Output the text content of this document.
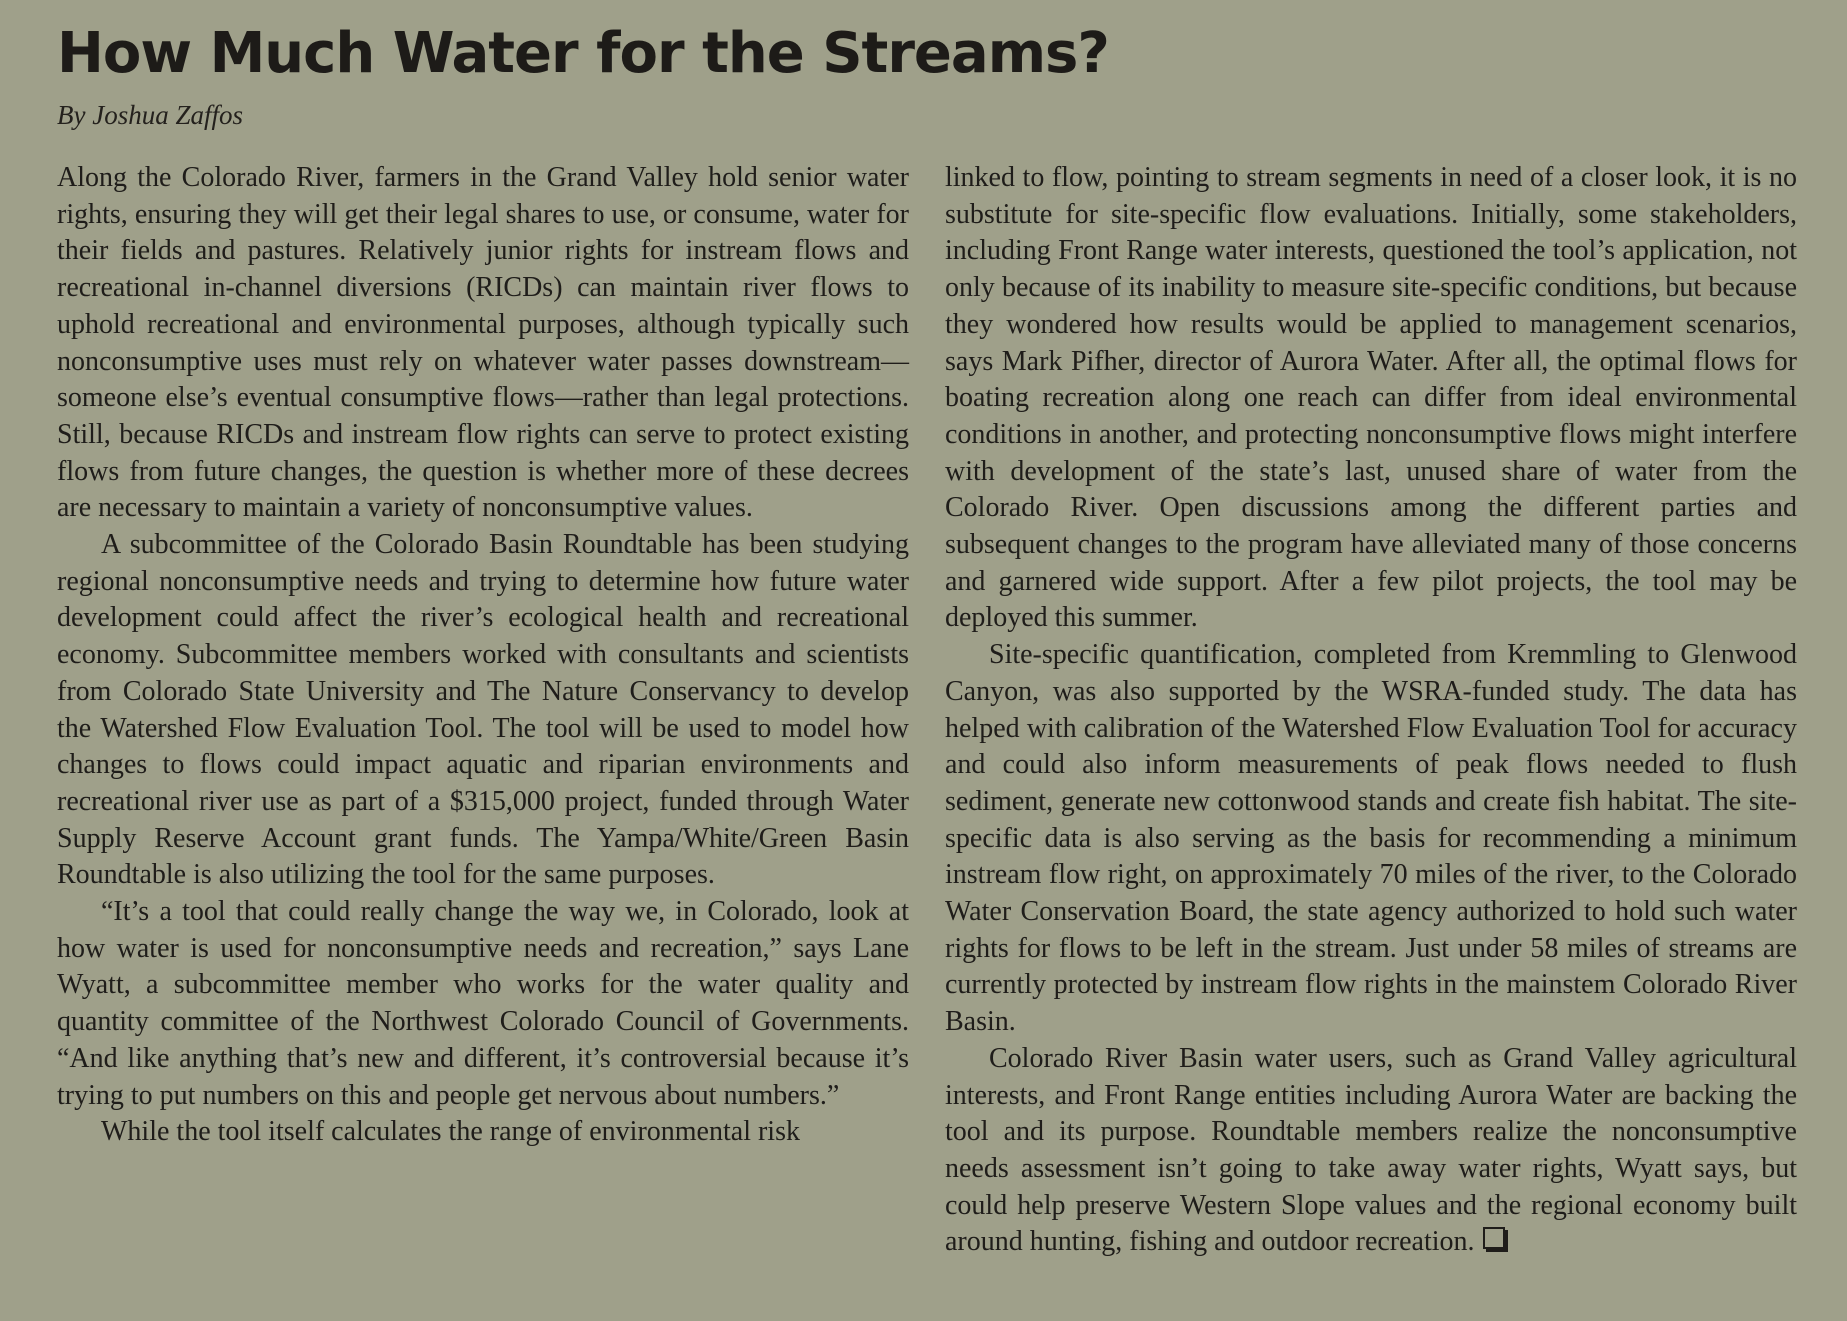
How Much Water for the Streams?
By Joshua Zaffos

Along the Colorado River, farmers in the Grand Valley hold senior water rights, ensuring they will get their legal shares to use, or consume, water for their fields and pastures. Relatively junior rights for instream flows and recreational in-channel diversions (RICDs) can maintain river flows to uphold recreational and environmental purposes, although typically such nonconsumptive uses must rely on whatever water passes downstream— someone else’s eventual consumptive flows—rather than legal protections. Still, because RICDs and instream flow rights can serve to protect existing flows from future changes, the question is whether more of these decrees are necessary to maintain a variety of nonconsumptive values.

A subcommittee of the Colorado Basin Roundtable has been studying regional nonconsumptive needs and trying to determine how future water development could affect the river’s ecological health and recreational economy. Subcommittee members worked with consultants and scientists from Colorado State University and The Nature Conservancy to develop the Watershed Flow Evaluation Tool. The tool will be used to model how changes to flows could impact aquatic and riparian environments and recreational river use as part of a $315,000 project, funded through Water Supply Reserve Account grant funds. The Yampa/White/Green Basin Roundtable is also utilizing the tool for the same purposes.

“It’s a tool that could really change the way we, in Colorado, look at how water is used for nonconsumptive needs and recreation,” says Lane Wyatt, a subcommittee member who works for the water quality and quantity committee of the Northwest Colorado Council of Governments. “And like anything that’s new and different, it’s controversial because it’s trying to put numbers on this and people get nervous about numbers.”

While the tool itself calculates the range of environmental risk

linked to flow, pointing to stream segments in need of a closer look, it is no substitute for site-specific flow evaluations. Initially, some stakeholders, including Front Range water interests, questioned the tool’s application, not only because of its inability to measure site-specific conditions, but because they wondered how results would be applied to management scenarios, says Mark Pifher, director of Aurora Water. After all, the optimal flows for boating recreation along one reach can differ from ideal environmental conditions in another, and protecting nonconsumptive flows might interfere with development of the state’s last, unused share of water from the Colorado River. Open discussions among the different parties and subsequent changes to the program have alleviated many of those concerns and garnered wide support. After a few pilot projects, the tool may be deployed this summer.

Site-specific quantification, completed from Kremmling to Glenwood Canyon, was also supported by the WSRA-funded study. The data has helped with calibration of the Watershed Flow Evaluation Tool for accuracy and could also inform measurements of peak flows needed to flush sediment, generate new cottonwood stands and create fish habitat. The site-specific data is also serving as the basis for recommending a minimum instream flow right, on approximately 70 miles of the river, to the Colorado Water Conservation Board, the state agency authorized to hold such water rights for flows to be left in the stream. Just under 58 miles of streams are currently protected by instream flow rights in the mainstem Colorado River Basin.

Colorado River Basin water users, such as Grand Valley agricultural interests, and Front Range entities including Aurora Water are backing the tool and its purpose. Roundtable members realize the nonconsumptive needs assessment isn’t going to take away water rights, Wyatt says, but could help preserve Western Slope values and the regional economy built around hunting, fishing and outdoor recreation.
